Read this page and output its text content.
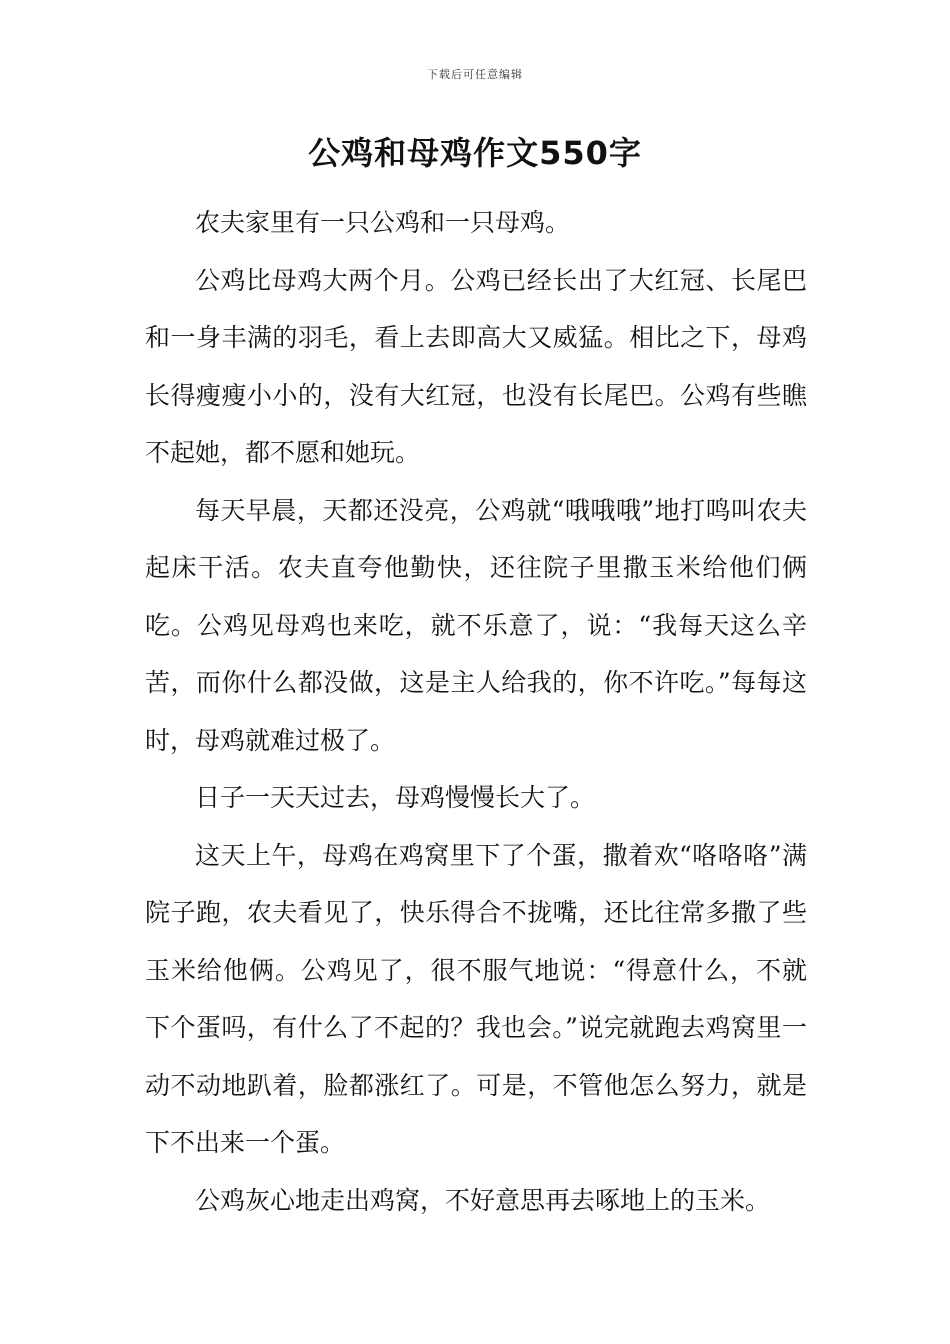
下载后可任意编辑
公鸡和母鸡作文550字

农夫家里有一只公鸡和一只母鸡。

公鸡比母鸡大两个月。公鸡已经长出了大红冠、长尾巴和一身丰满的羽毛，看上去即高大又威猛。相比之下，母鸡长得瘦瘦小小的，没有大红冠，也没有长尾巴。公鸡有些瞧不起她，都不愿和她玩。

每天早晨，天都还没亮，公鸡就“哦哦哦”地打鸣叫农夫起床干活。农夫直夸他勤快，还往院子里撒玉米给他们俩吃。公鸡见母鸡也来吃，就不乐意了，说：“我每天这么辛苦，而你什么都没做，这是主人给我的，你不许吃。”每每这时，母鸡就难过极了。

日子一天天过去，母鸡慢慢长大了。

这天上午，母鸡在鸡窝里下了个蛋，撒着欢“咯咯咯”满院子跑，农夫看见了，快乐得合不拢嘴，还比往常多撒了些玉米给他俩。公鸡见了，很不服气地说：“得意什么，不就下个蛋吗，有什么了不起的？我也会。”说完就跑去鸡窝里一动不动地趴着，脸都涨红了。可是，不管他怎么努力，就是下不出来一个蛋。

公鸡灰心地走出鸡窝，不好意思再去啄地上的玉米。
